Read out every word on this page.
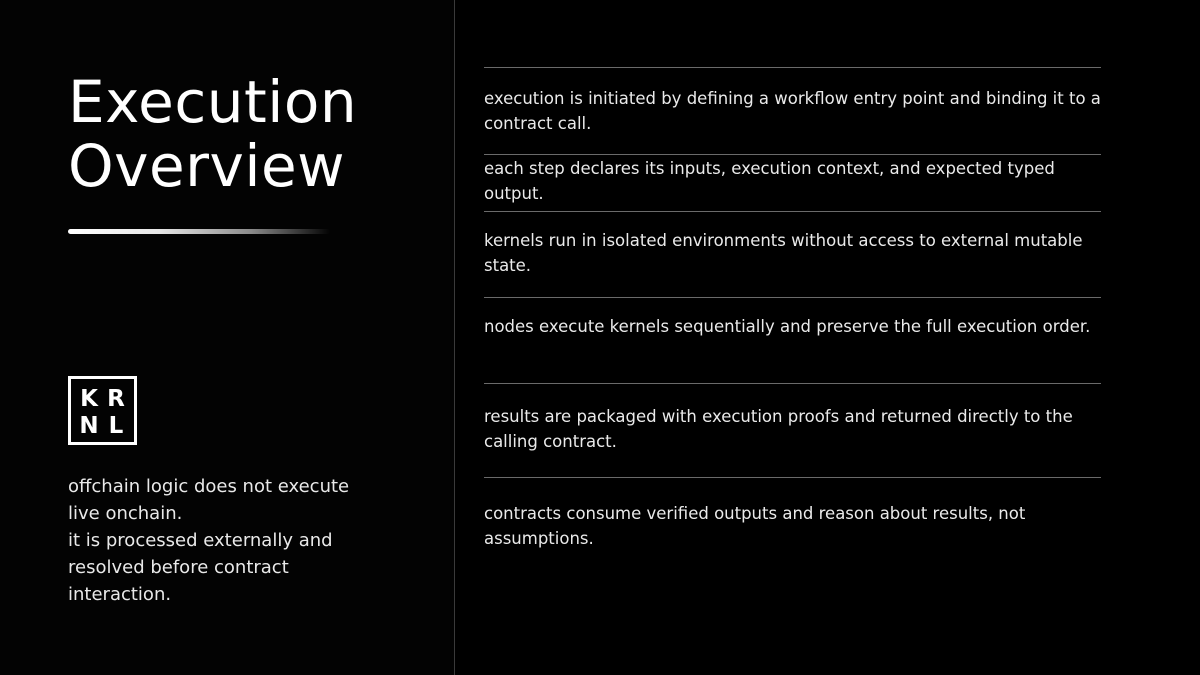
Execution
Overview
K R
N L

offchain logic does not execute
live onchain.
it is processed externally and
resolved before contract
interaction.

execution is initiated by defining a workflow entry point and binding it to a contract call.

each step declares its inputs, execution context, and expected typed output.

kernels run in isolated environments without access to external mutable state.

nodes execute kernels sequentially and preserve the full execution order.

results are packaged with execution proofs and returned directly to the calling contract.

contracts consume verified outputs and reason about results, not assumptions.
